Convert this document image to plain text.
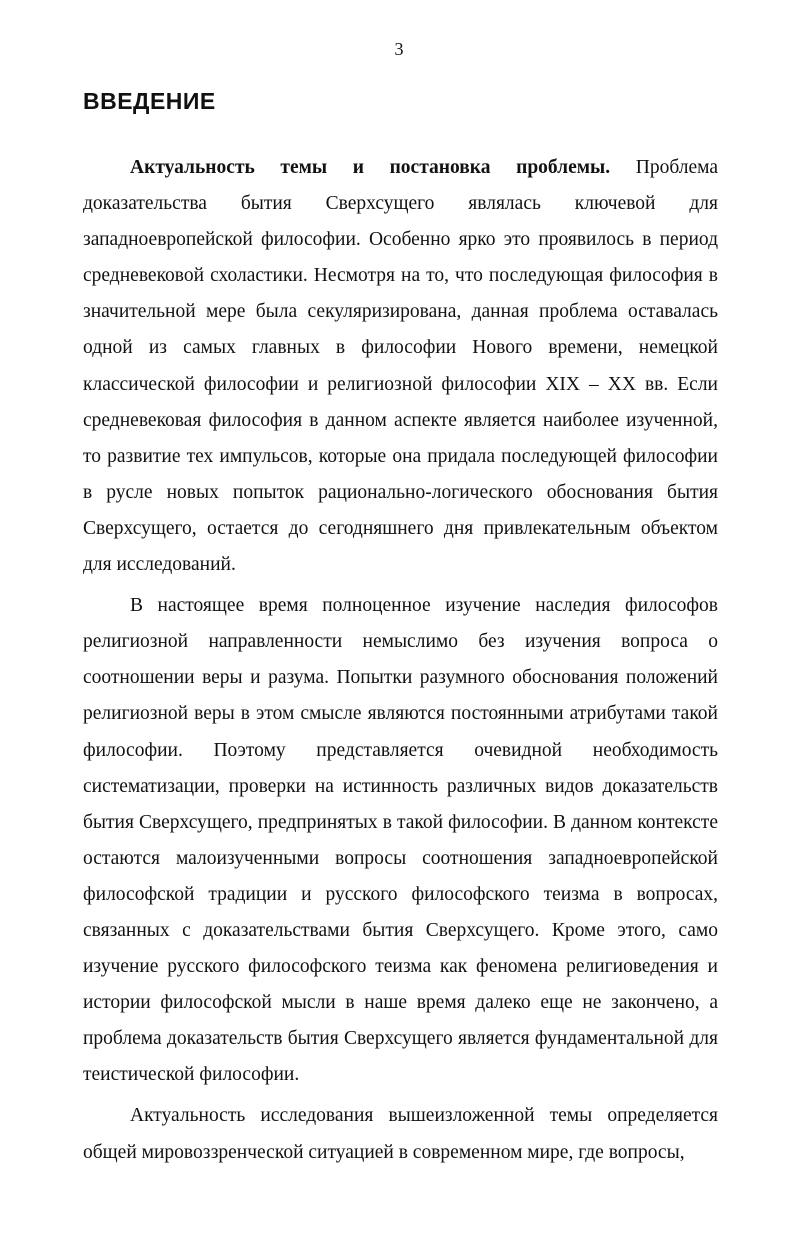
3
ВВЕДЕНИЕ

Актуальность темы и постановка проблемы. Проблема доказательства бытия Сверхсущего являлась ключевой для западноевропейской философии. Особенно ярко это проявилось в период средневековой схоластики. Несмотря на то, что последующая философия в значительной мере была секуляризирована, данная проблема оставалась одной из самых главных в философии Нового времени, немецкой классической философии и религиозной философии XIX – XX вв. Если средневековая философия в данном аспекте является наиболее изученной, то развитие тех импульсов, которые она придала последующей философии в русле новых попыток рационально-логического обоснования бытия Сверхсущего, остается до сегодняшнего дня привлекательным объектом для исследований.

В настоящее время полноценное изучение наследия философов религиозной направленности немыслимо без изучения вопроса о соотношении веры и разума. Попытки разумного обоснования положений религиозной веры в этом смысле являются постоянными атрибутами такой философии. Поэтому представляется очевидной необходимость систематизации, проверки на истинность различных видов доказательств бытия Сверхсущего, предпринятых в такой философии. В данном контексте остаются малоизученными вопросы соотношения западноевропейской философской традиции и русского философского теизма в вопросах, связанных с доказательствами бытия Сверхсущего. Кроме этого, само изучение русского философского теизма как феномена религиоведения и истории философской мысли в наше время далеко еще не закончено, а проблема доказательств бытия Сверхсущего является фундаментальной для теистической философии.

Актуальность исследования вышеизложенной темы определяется общей мировоззренческой ситуацией в современном мире, где вопросы,
